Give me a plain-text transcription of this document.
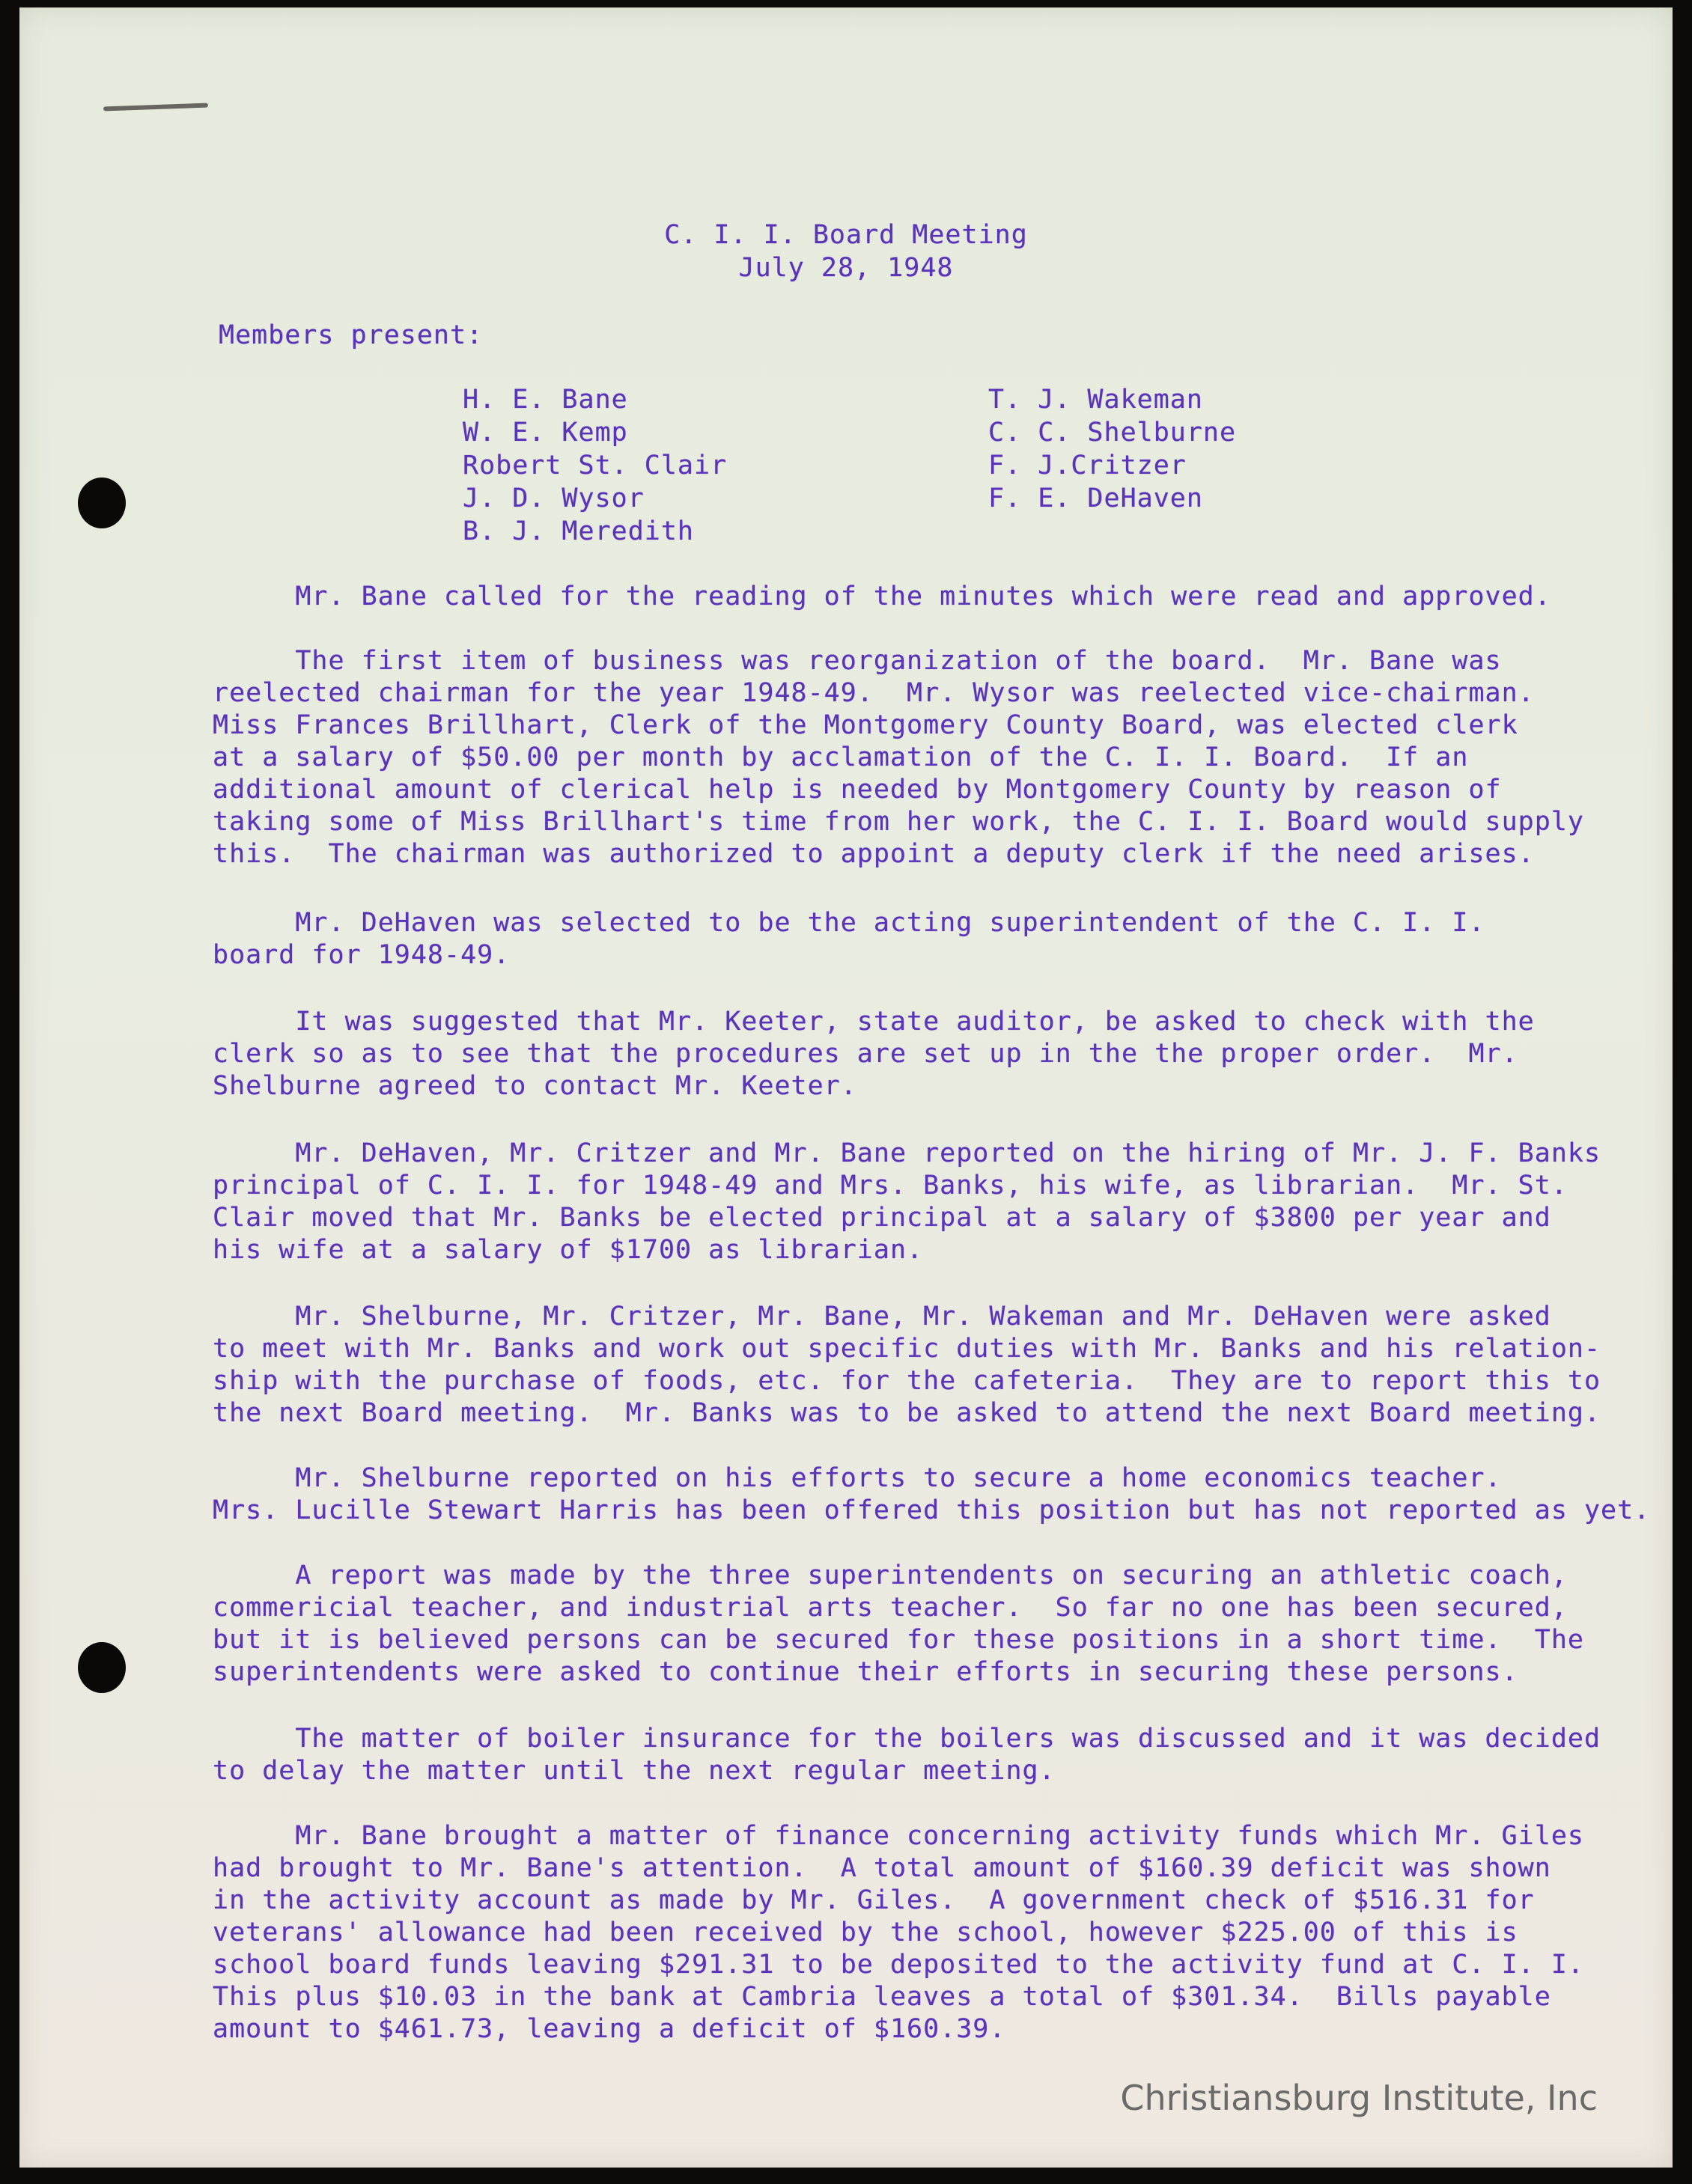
C. I. I. Board Meeting
July 28, 1948
Members present:
H. E. Bane
W. E. Kemp
Robert St. Clair
J. D. Wysor
B. J. Meredith
T. J. Wakeman
C. C. Shelburne
F. J.Critzer
F. E. DeHaven
Mr. Bane called for the reading of the minutes which were read and approved.
The first item of business was reorganization of the board.  Mr. Bane was
reelected chairman for the year 1948-49.  Mr. Wysor was reelected vice-chairman.
Miss Frances Brillhart, Clerk of the Montgomery County Board, was elected clerk
at a salary of $50.00 per month by acclamation of the C. I. I. Board.  If an
additional amount of clerical help is needed by Montgomery County by reason of
taking some of Miss Brillhart's time from her work, the C. I. I. Board would supply
this.  The chairman was authorized to appoint a deputy clerk if the need arises.
Mr. DeHaven was selected to be the acting superintendent of the C. I. I.
board for 1948-49.
It was suggested that Mr. Keeter, state auditor, be asked to check with the
clerk so as to see that the procedures are set up in the the proper order.  Mr.
Shelburne agreed to contact Mr. Keeter.
Mr. DeHaven, Mr. Critzer and Mr. Bane reported on the hiring of Mr. J. F. Banks
principal of C. I. I. for 1948-49 and Mrs. Banks, his wife, as librarian.  Mr. St.
Clair moved that Mr. Banks be elected principal at a salary of $3800 per year and
his wife at a salary of $1700 as librarian.
Mr. Shelburne, Mr. Critzer, Mr. Bane, Mr. Wakeman and Mr. DeHaven were asked
to meet with Mr. Banks and work out specific duties with Mr. Banks and his relation-
ship with the purchase of foods, etc. for the cafeteria.  They are to report this to
the next Board meeting.  Mr. Banks was to be asked to attend the next Board meeting.
Mr. Shelburne reported on his efforts to secure a home economics teacher.
Mrs. Lucille Stewart Harris has been offered this position but has not reported as yet.
A report was made by the three superintendents on securing an athletic coach,
commericial teacher, and industrial arts teacher.  So far no one has been secured,
but it is believed persons can be secured for these positions in a short time.  The
superintendents were asked to continue their efforts in securing these persons.
The matter of boiler insurance for the boilers was discussed and it was decided
to delay the matter until the next regular meeting.
Mr. Bane brought a matter of finance concerning activity funds which Mr. Giles
had brought to Mr. Bane's attention.  A total amount of $160.39 deficit was shown
in the activity account as made by Mr. Giles.  A government check of $516.31 for
veterans' allowance had been received by the school, however $225.00 of this is
school board funds leaving $291.31 to be deposited to the activity fund at C. I. I.
This plus $10.03 in the bank at Cambria leaves a total of $301.34.  Bills payable
amount to $461.73, leaving a deficit of $160.39.
Christiansburg Institute, Inc
